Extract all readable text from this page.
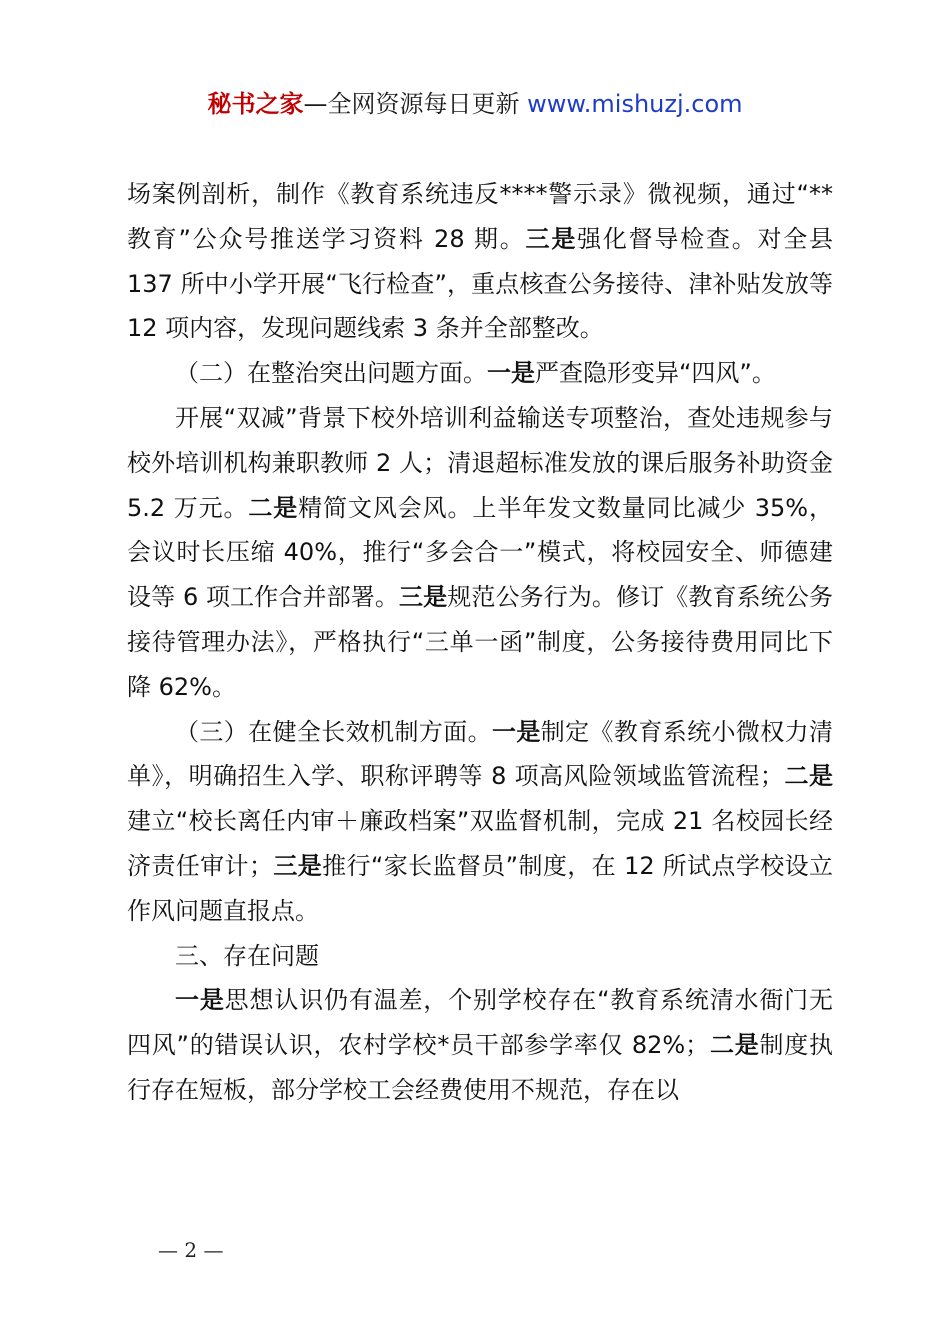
秘书之家—全网资源每日更新 www.mishuzj.com

场案例剖析，制作《教育系统违反****警示录》微视频，通过“**教育”公众号推送学习资料 28 期。三是强化督导检查。对全县 137 所中小学开展“飞行检查”，重点核查公务接待、津补贴发放等 12 项内容，发现问题线索 3 条并全部整改。

（二）在整治突出问题方面。一是严查隐形变异“四风”。

开展“双减”背景下校外培训利益输送专项整治，查处违规参与校外培训机构兼职教师 2 人；清退超标准发放的课后服务补助资金 5.2 万元。二是精简文风会风。上半年发文数量同比减少 35%，会议时长压缩 40%，推行“多会合一”模式，将校园安全、师德建设等 6 项工作合并部署。三是规范公务行为。修订《教育系统公务接待管理办法》，严格执行“三单一函”制度，公务接待费用同比下降 62%。

（三）在健全长效机制方面。一是制定《教育系统小微权力清单》，明确招生入学、职称评聘等 8 项高风险领域监管流程；二是建立“校长离任内审＋廉政档案”双监督机制，完成 21 名校园长经济责任审计；三是推行“家长监督员”制度，在 12 所试点学校设立作风问题直报点。

三、存在问题

一是思想认识仍有温差，个别学校存在“教育系统清水衙门无四风”的错误认识，农村学校*员干部参学率仅 82%；二是制度执行存在短板，部分学校工会经费使用不规范，存在以

— 2 —
